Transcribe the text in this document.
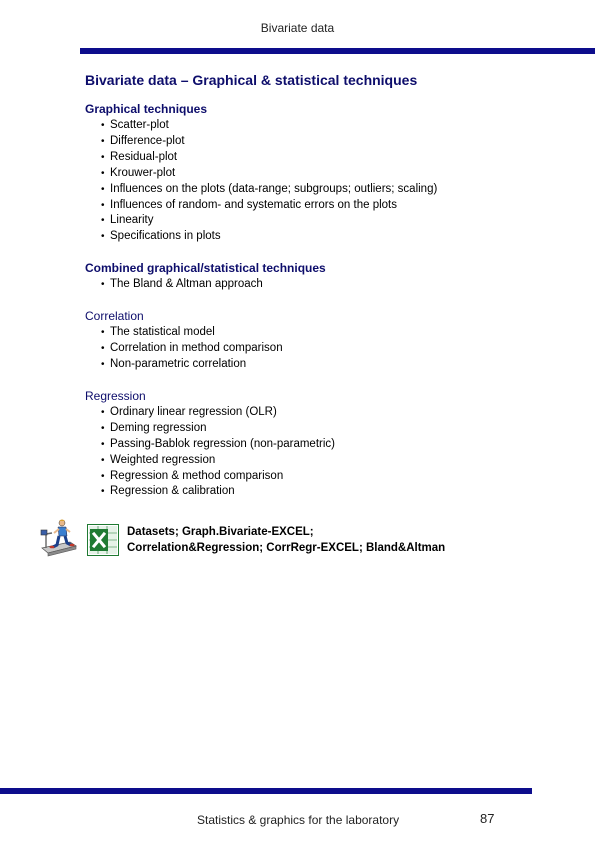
Bivariate data
Bivariate data – Graphical & statistical techniques
Graphical techniques
• Scatter-plot
• Difference-plot
• Residual-plot
• Krouwer-plot
• Influences on the plots (data-range; subgroups; outliers; scaling)
• Influences of random- and systematic errors on the plots
• Linearity
• Specifications in plots
Combined graphical/statistical techniques
• The Bland & Altman approach
Correlation
• The statistical model
• Correlation in method comparison
• Non-parametric correlation
Regression
• Ordinary linear regression (OLR)
• Deming regression
• Passing-Bablok regression (non-parametric)
• Weighted regression
• Regression & method comparison
• Regression & calibration
Datasets; Graph.Bivariate-EXCEL;
Correlation&Regression; CorrRegr-EXCEL; Bland&Altman
Statistics & graphics for the laboratory	87
